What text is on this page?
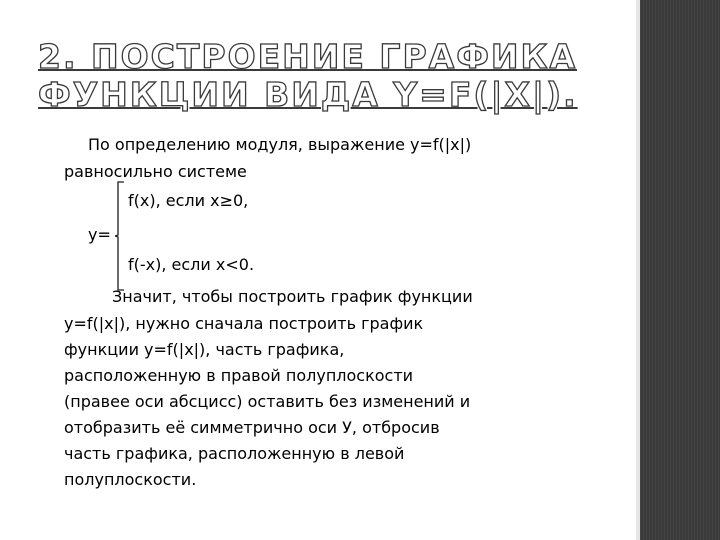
2. ПОСТРОЕНИЕ ГРАФИКА
ФУНКЦИИ ВИДА Y=F(|X|).
По определению модуля, выражение y=f(|x|)
равносильно системе
f(x), если x≥0,
y=
f(-x), если x<0.
Значит, чтобы построить график функции
y=f(|x|), нужно сначала построить график
функции y=f(|x|), часть графика,
расположенную в правой полуплоскости
(правее оси абсцисс) оставить без изменений и
отобразить её симметрично оси У, отбросив
часть графика, расположенную в левой
полуплоскости.
